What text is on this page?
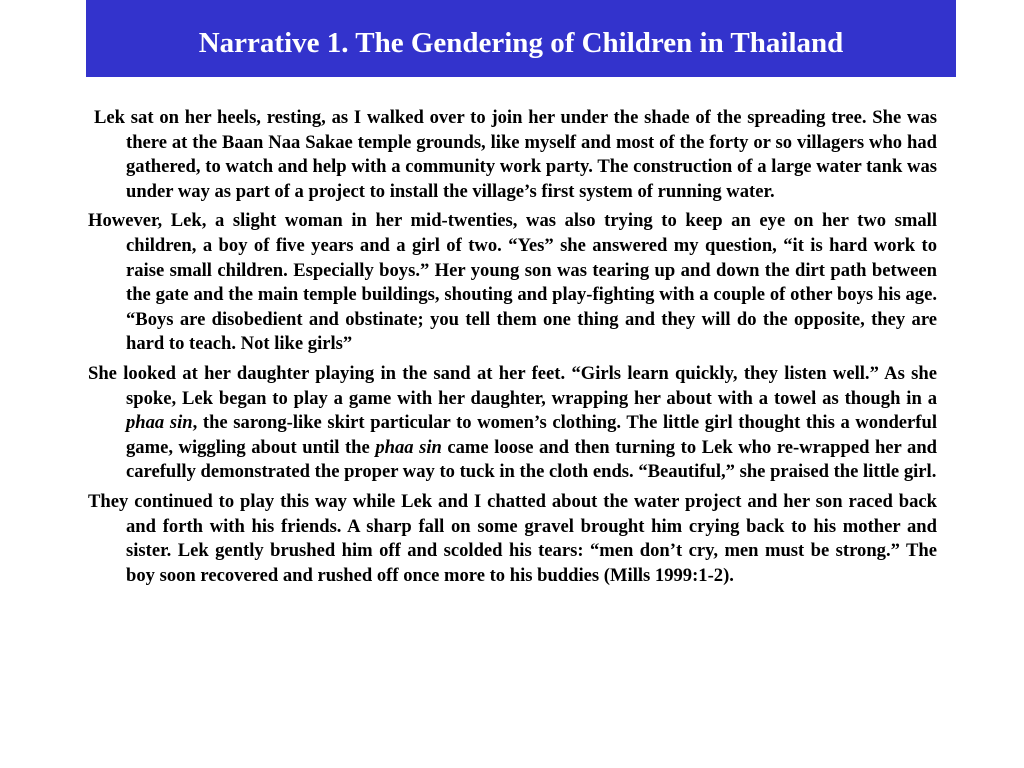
Narrative 1. The Gendering of Children in Thailand

Lek sat on her heels, resting, as I walked over to join her under the shade of the spreading tree. She was there at the Baan Naa Sakae temple grounds, like myself and most of the forty or so villagers who had gathered, to watch and help with a community work party. The construction of a large water tank was under way as part of a project to install the village’s first system of running water.

However, Lek, a slight woman in her mid-twenties, was also trying to keep an eye on her two small children, a boy of five years and a girl of two. “Yes” she answered my question, “it is hard work to raise small children. Especially boys.” Her young son was tearing up and down the dirt path between the gate and the main temple buildings, shouting and play-fighting with a couple of other boys his age. “Boys are disobedient and obstinate; you tell them one thing and they will do the opposite, they are hard to teach. Not like girls”

She looked at her daughter playing in the sand at her feet. “Girls learn quickly, they listen well.” As she spoke, Lek began to play a game with her daughter, wrapping her about with a towel as though in a phaa sin, the sarong-like skirt particular to women’s clothing. The little girl thought this a wonderful game, wiggling about until the phaa sin came loose and then turning to Lek who re-wrapped her and carefully demonstrated the proper way to tuck in the cloth ends. “Beautiful,” she praised the little girl.

They continued to play this way while Lek and I chatted about the water project and her son raced back and forth with his friends. A sharp fall on some gravel brought him crying back to his mother and sister. Lek gently brushed him off and scolded his tears: “men don’t cry, men must be strong.” The boy soon recovered and rushed off once more to his buddies (Mills 1999:1-2).
